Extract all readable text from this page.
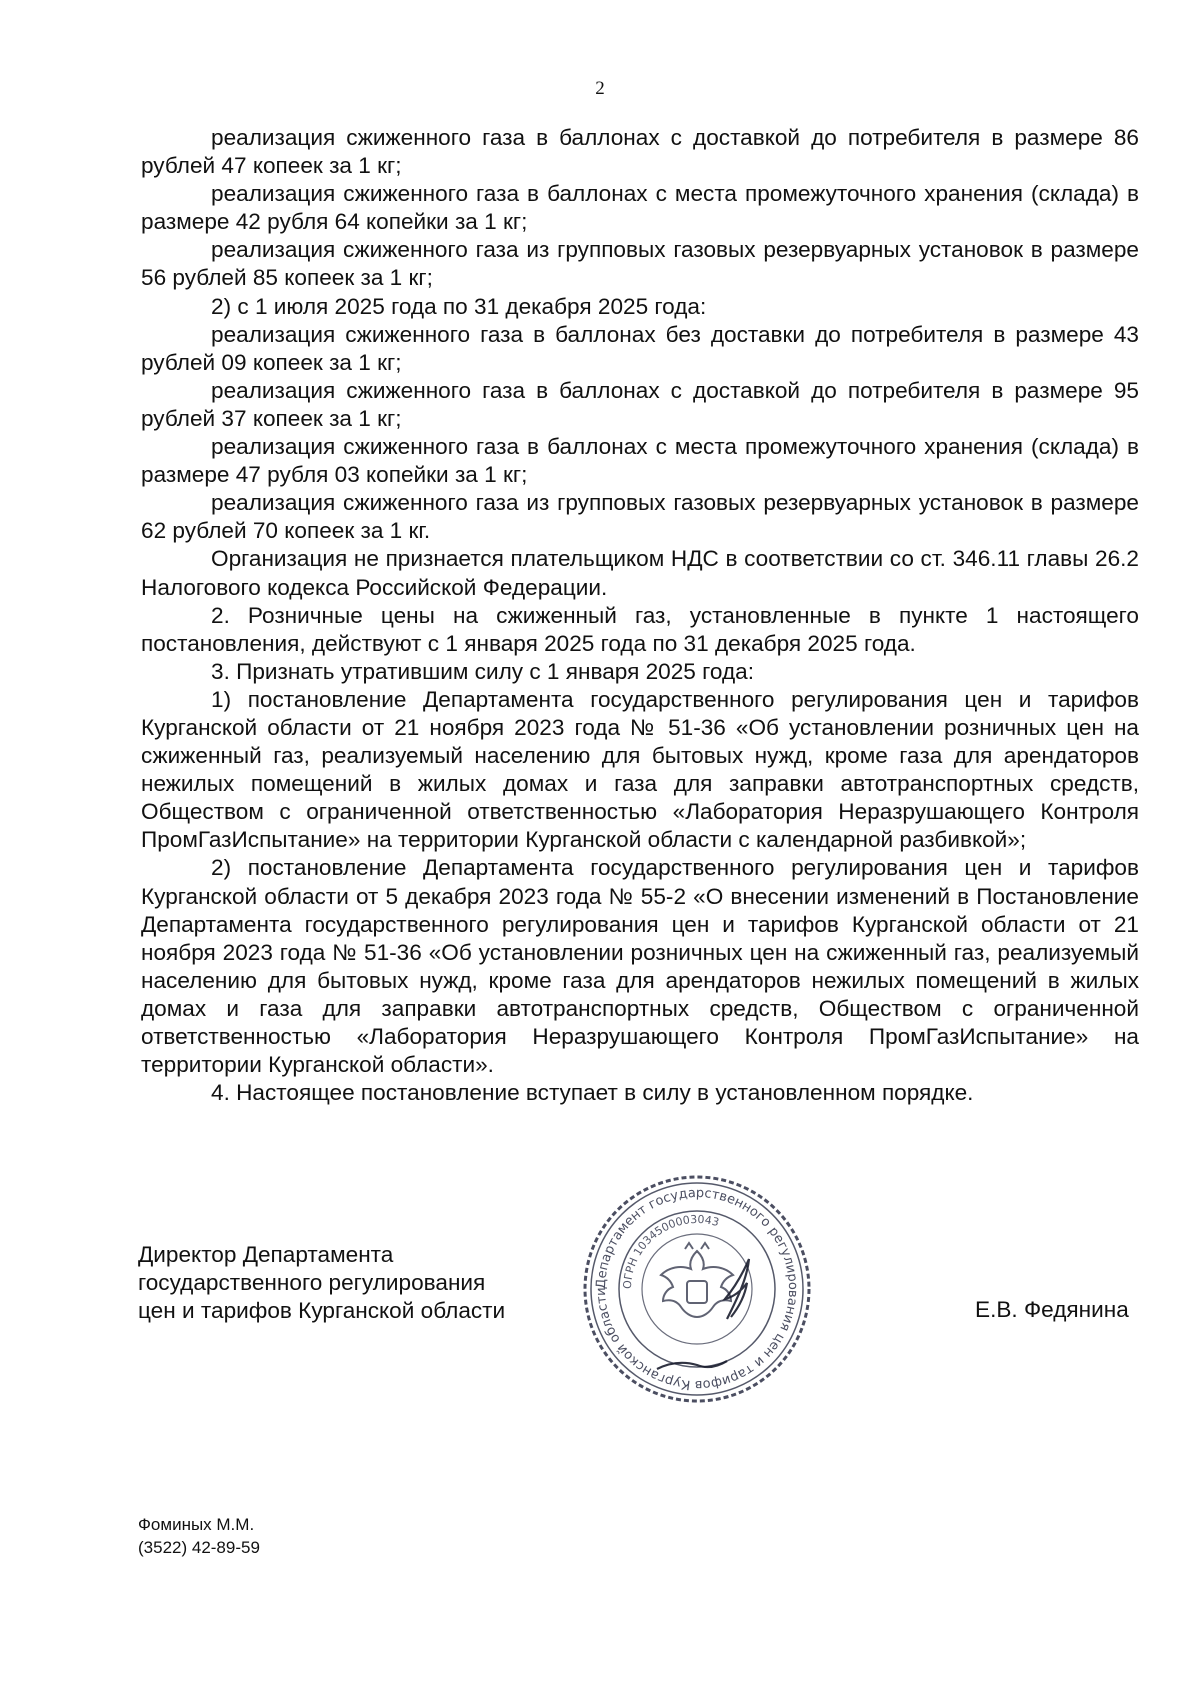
2

реализация сжиженного газа в баллонах с доставкой до потребителя в размере 86 рублей 47 копеек за 1 кг;

реализация сжиженного газа в баллонах с места промежуточного хранения (склада) в размере 42 рубля 64 копейки за 1 кг;

реализация сжиженного газа из групповых газовых резервуарных установок в размере 56 рублей 85 копеек за 1 кг;

2) с 1 июля 2025 года по 31 декабря 2025 года:

реализация сжиженного газа в баллонах без доставки до потребителя в размере 43 рублей 09 копеек за 1 кг;

реализация сжиженного газа в баллонах с доставкой до потребителя в размере 95 рублей 37 копеек за 1 кг;

реализация сжиженного газа в баллонах с места промежуточного хранения (склада) в размере 47 рубля 03 копейки за 1 кг;

реализация сжиженного газа из групповых газовых резервуарных установок в размере 62 рублей 70 копеек за 1 кг.

Организация не признается плательщиком НДС в соответствии со ст. 346.11 главы 26.2 Налогового кодекса Российской Федерации.

2. Розничные цены на сжиженный газ, установленные в пункте 1 настоящего постановления, действуют с 1 января 2025 года по 31 декабря 2025 года.

3. Признать утратившим силу с 1 января 2025 года:

1) постановление Департамента государственного регулирования цен и тарифов Курганской области от 21 ноября 2023 года № 51-36 «Об установлении розничных цен на сжиженный газ, реализуемый населению для бытовых нужд, кроме газа для арендаторов нежилых помещений в жилых домах и газа для заправки автотранспортных средств, Обществом с ограниченной ответственностью «Лаборатория Неразрушающего Контроля ПромГазИспытание» на территории Курганской области с календарной разбивкой»;

2) постановление Департамента государственного регулирования цен и тарифов Курганской области от 5 декабря 2023 года № 55-2 «О внесении изменений в Постановление Департамента государственного регулирования цен и тарифов Курганской области от 21 ноября 2023 года № 51-36 «Об установлении розничных цен на сжиженный газ, реализуемый населению для бытовых нужд, кроме газа для арендаторов нежилых помещений в жилых домах и газа для заправки автотранспортных средств, Обществом с ограниченной ответственностью «Лаборатория Неразрушающего Контроля ПромГазИспытание» на территории Курганской области».

4. Настоящее постановление вступает в силу в установленном порядке.

Директор Департамента
государственного регулирования
цен и тарифов Курганской области
Департамент государственного регулирования цен и тарифов Курганской области
ОГРН 1034500003043
Е.В. Федянина
Фоминых М.М.
(3522) 42-89-59
